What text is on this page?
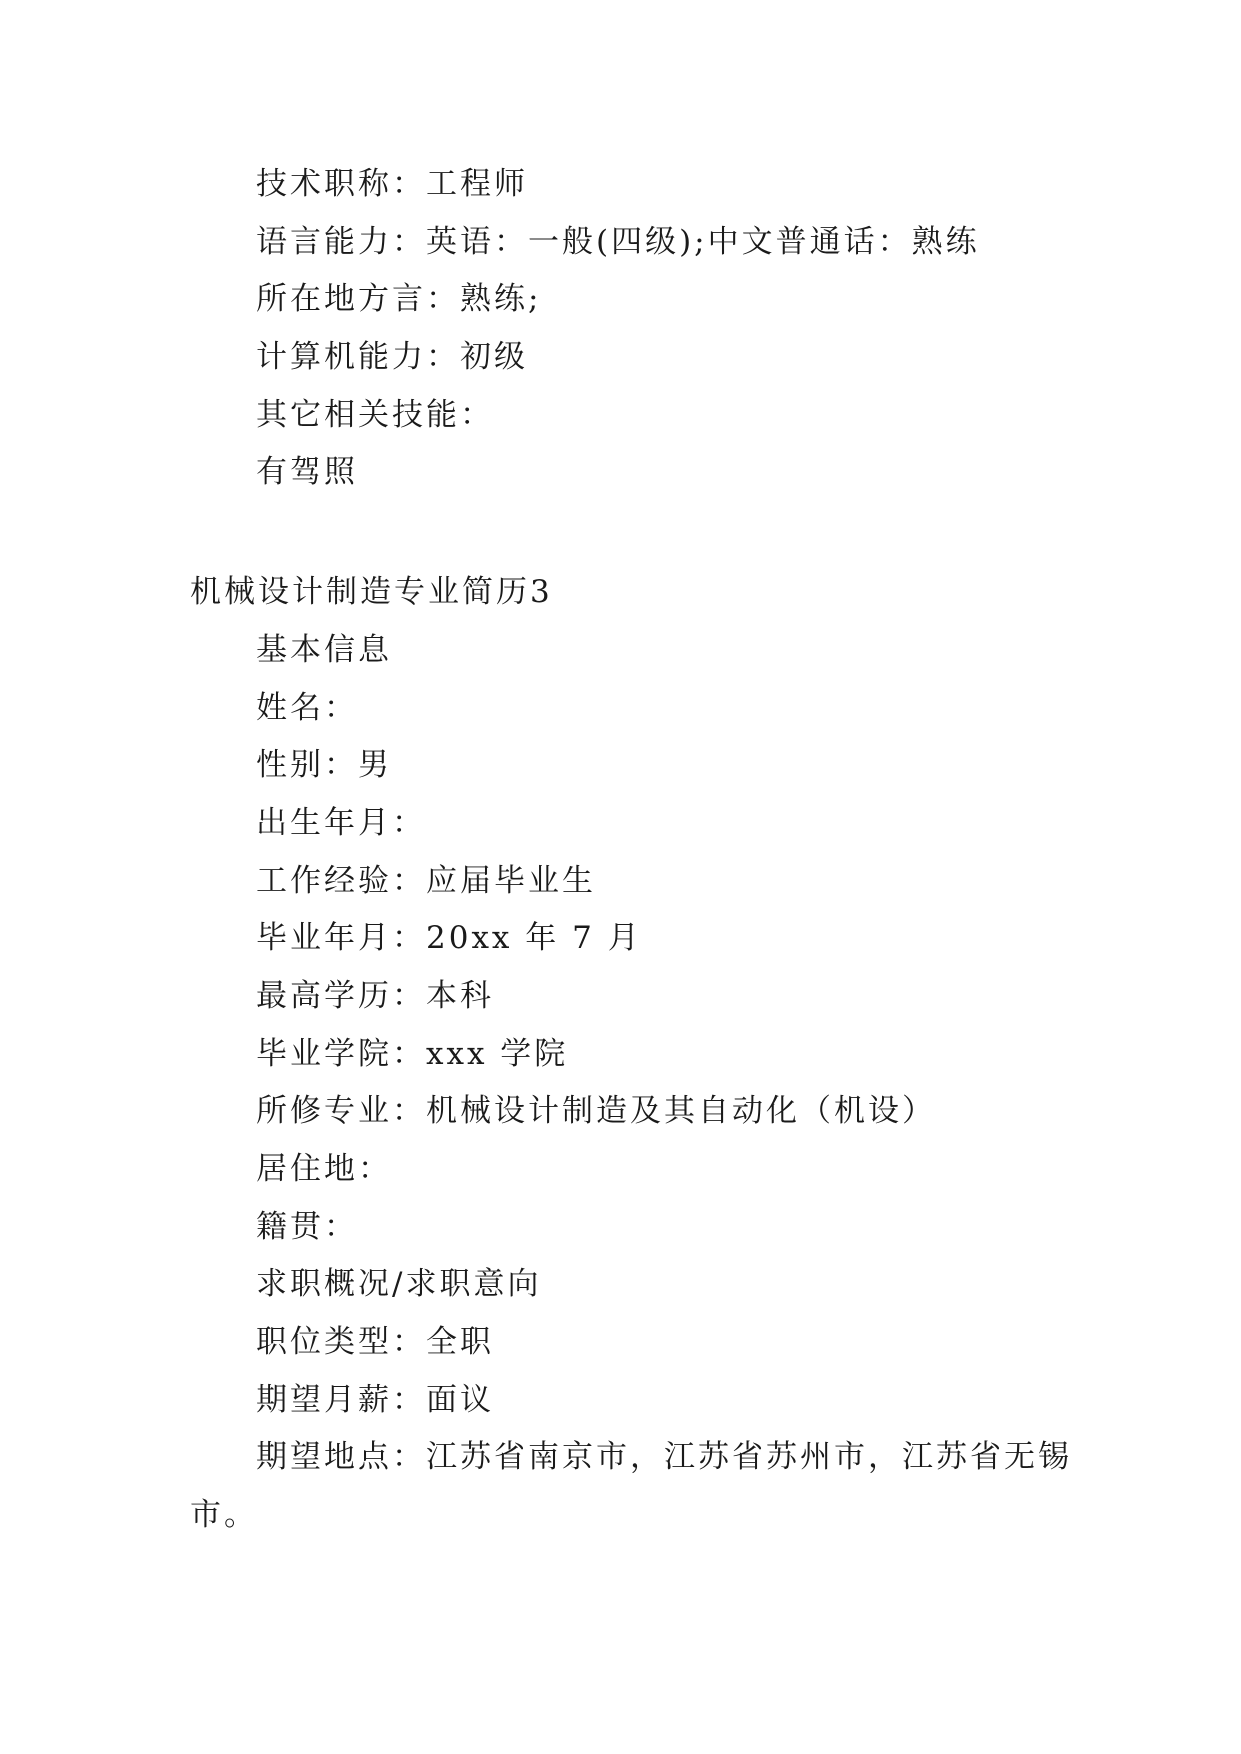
技术职称：工程师

语言能力：英语：一般(四级);中文普通话：熟练

所在地方言：熟练;

计算机能力：初级

其它相关技能：

有驾照

机械设计制造专业简历3

基本信息

姓名：

性别：男

出生年月：

工作经验：应届毕业生

毕业年月：20xx 年 7 月

最高学历：本科

毕业学院：xxx 学院

所修专业：机械设计制造及其自动化（机设）

居住地：

籍贯：

求职概况/求职意向

职位类型：全职

期望月薪：面议

期望地点：江苏省南京市，江苏省苏州市，江苏省无锡

市。
